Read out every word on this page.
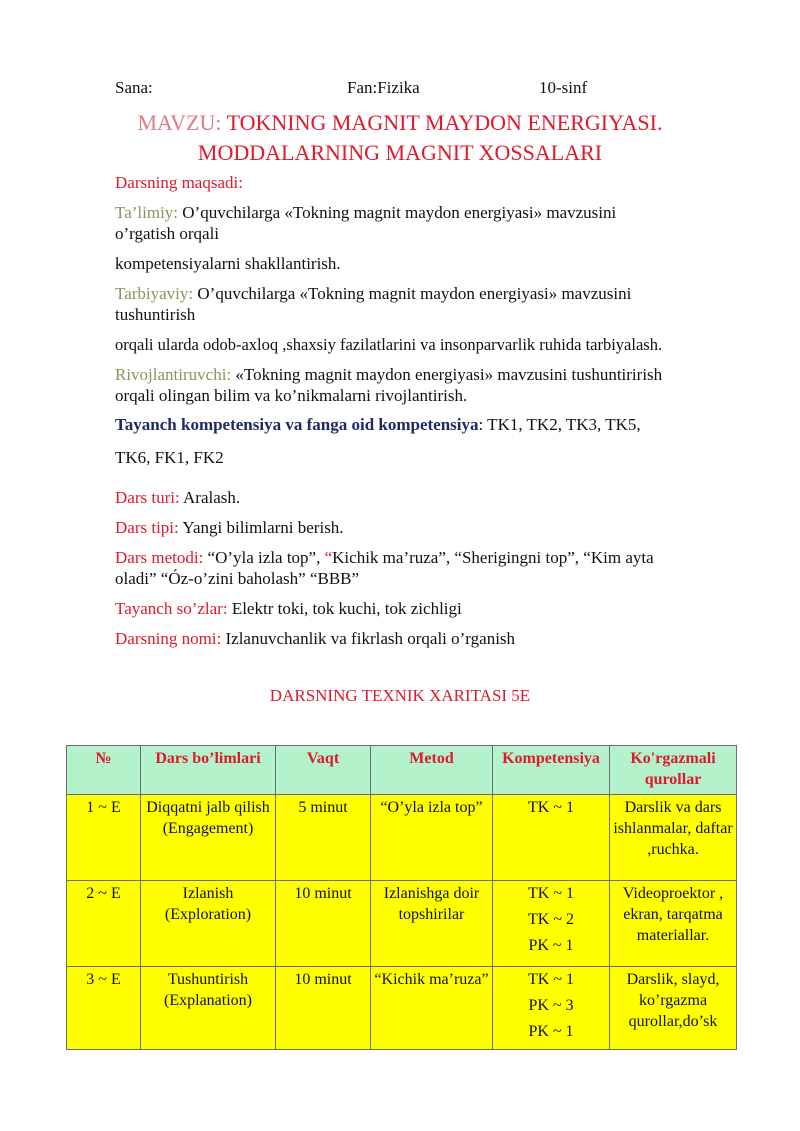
Sana:	Fan:Fizika	10-sinf
MAVZU: TOKNING MAGNIT MAYDON ENERGIYASI.
MODDALARNING MAGNIT XOSSALARI
Darsning maqsadi:
Ta’limiy: O’quvchilarga «Tokning magnit maydon energiyasi» mavzusini
o’rgatish orqali
kompetensiyalarni shakllantirish.
Tarbiyaviy: O’quvchilarga «Tokning magnit maydon energiyasi» mavzusini
tushuntirish
orqali ularda odob-axloq ,shaxsiy fazilatlarini va insonparvarlik ruhida tarbiyalash.
Rivojlantiruvchi: «Tokning magnit maydon energiyasi» mavzusini tushuntirirish
orqali olingan bilim va ko’nikmalarni rivojlantirish.
Tayanch kompetensiya va fanga oid kompetensiya: TK1, TK2, TK3, TK5,
TK6, FK1, FK2
Dars turi: Aralash.
Dars tipi: Yangi bilimlarni berish.
Dars metodi: “O’yla izla top”, “Kichik ma’ruza”, “Sherigingni top”, “Kim ayta
oladi” “Óz-o’zini baholash” “BBB”
Tayanch so’zlar: Elektr toki, tok kuchi, tok zichligi
Darsning nomi: Izlanuvchanlik va fikrlash orqali o’rganish
DARSNING TEXNIK XARITASI 5E
№	Dars bo’limlari	Vaqt	Metod	Kompetensiya	Ko'rgazmali qurollar
1 ~ E	Diqqatni jalb qilish (Engagement)	5 minut	“O’yla izla top”	TK ~ 1	Darslik va dars ishlanmalar, daftar ,ruchka.
2 ~ E	Izlanish (Exploration)	10 minut	Izlanishga doir topshirilar	TK ~ 1
TK ~ 2
PK ~ 1	Videoproektor , ekran, tarqatma materiallar.
3 ~ E	Tushuntirish (Explanation)	10 minut	“Kichik ma’ruza”	TK ~ 1
PK ~ 3
PK ~ 1	Darslik, slayd, ko’rgazma qurollar,do’sk
